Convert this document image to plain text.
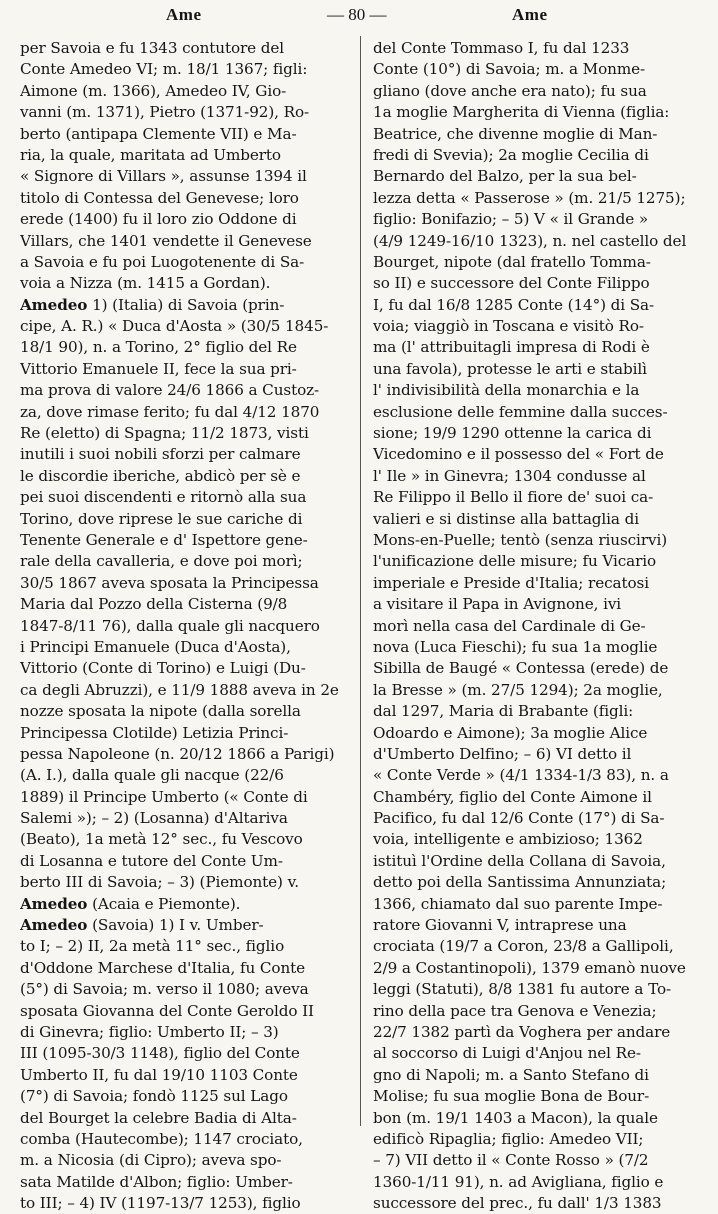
Ame	— 80 —	Ame
per Savoia e fu 1343 contutore del
Conte Amedeo VI; m. 18/1 1367; figli:
Aimone (m. 1366), Amedeo IV, Gio-
vanni (m. 1371), Pietro (1371-92), Ro-
berto (antipapa Clemente VII) e Ma-
ria, la quale, maritata ad Umberto
« Signore di Villars », assunse 1394 il
titolo di Contessa del Genevese; loro
erede (1400) fu il loro zio Oddone di
Villars, che 1401 vendette il Genevese
a Savoia e fu poi Luogotenente di Sa-
voia a Nizza (m. 1415 a Gordan).
Amedeo 1) (Italia) di Savoia (prin-
cipe, A. R.) « Duca d'Aosta » (30/5 1845-
18/1 90), n. a Torino, 2° figlio del Re
Vittorio Emanuele II, fece la sua pri-
ma prova di valore 24/6 1866 a Custoz-
za, dove rimase ferito; fu dal 4/12 1870
Re (eletto) di Spagna; 11/2 1873, visti
inutili i suoi nobili sforzi per calmare
le discordie iberiche, abdicò per sè e
pei suoi discendenti e ritornò alla sua
Torino, dove riprese le sue cariche di
Tenente Generale e d' Ispettore gene-
rale della cavalleria, e dove poi morì;
30/5 1867 aveva sposata la Principessa
Maria dal Pozzo della Cisterna (9/8
1847-8/11 76), dalla quale gli nacquero
i Principi Emanuele (Duca d'Aosta),
Vittorio (Conte di Torino) e Luigi (Du-
ca degli Abruzzi), e 11/9 1888 aveva in 2e
nozze sposata la nipote (dalla sorella
Principessa Clotilde) Letizia Princi-
pessa Napoleone (n. 20/12 1866 a Parigi)
(A. I.), dalla quale gli nacque (22/6
1889) il Principe Umberto (« Conte di
Salemi »); – 2) (Losanna) d'Altariva
(Beato), 1a metà 12° sec., fu Vescovo
di Losanna e tutore del Conte Um-
berto III di Savoia; – 3) (Piemonte) v.
Amedeo (Acaia e Piemonte).
Amedeo (Savoia) 1) I v. Umber-
to I; – 2) II, 2a metà 11° sec., figlio
d'Oddone Marchese d'Italia, fu Conte
(5°) di Savoia; m. verso il 1080; aveva
sposata Giovanna del Conte Geroldo II
di Ginevra; figlio: Umberto II; – 3)
III (1095-30/3 1148), figlio del Conte
Umberto II, fu dal 19/10 1103 Conte
(7°) di Savoia; fondò 1125 sul Lago
del Bourget la celebre Badia di Alta-
comba (Hautecombe); 1147 crociato,
m. a Nicosia (di Cipro); aveva spo-
sata Matilde d'Albon; figlio: Umber-
to III; – 4) IV (1197-13/7 1253), figlio
del Conte Tommaso I, fu dal 1233
Conte (10°) di Savoia; m. a Monme-
gliano (dove anche era nato); fu sua
1a moglie Margherita di Vienna (figlia:
Beatrice, che divenne moglie di Man-
fredi di Svevia); 2a moglie Cecilia di
Bernardo del Balzo, per la sua bel-
lezza detta « Passerose » (m. 21/5 1275);
figlio: Bonifazio; – 5) V « il Grande »
(4/9 1249-16/10 1323), n. nel castello del
Bourget, nipote (dal fratello Tomma-
so II) e successore del Conte Filippo
I, fu dal 16/8 1285 Conte (14°) di Sa-
voia; viaggiò in Toscana e visitò Ro-
ma (l' attribuitagli impresa di Rodi è
una favola), protesse le arti e stabilì
l' indivisibilità della monarchia e la
esclusione delle femmine dalla succes-
sione; 19/9 1290 ottenne la carica di
Vicedomino e il possesso del « Fort de
l' Ile » in Ginevra; 1304 condusse al
Re Filippo il Bello il fiore de' suoi ca-
valieri e si distinse alla battaglia di
Mons-en-Puelle; tentò (senza riuscirvi)
l'unificazione delle misure; fu Vicario
imperiale e Preside d'Italia; recatosi
a visitare il Papa in Avignone, ivi
morì nella casa del Cardinale di Ge-
nova (Luca Fieschi); fu sua 1a moglie
Sibilla de Baugé « Contessa (erede) de
la Bresse » (m. 27/5 1294); 2a moglie,
dal 1297, Maria di Brabante (figli:
Odoardo e Aimone); 3a moglie Alice
d'Umberto Delfino; – 6) VI detto il
« Conte Verde » (4/1 1334-1/3 83), n. a
Chambéry, figlio del Conte Aimone il
Pacifico, fu dal 12/6 Conte (17°) di Sa-
voia, intelligente e ambizioso; 1362
istituì l'Ordine della Collana di Savoia,
detto poi della Santissima Annunziata;
1366, chiamato dal suo parente Impe-
ratore Giovanni V, intraprese una
crociata (19/7 a Coron, 23/8 a Gallipoli,
2/9 a Costantinopoli), 1379 emanò nuove
leggi (Statuti), 8/8 1381 fu autore a To-
rino della pace tra Genova e Venezia;
22/7 1382 partì da Voghera per andare
al soccorso di Luigi d'Anjou nel Re-
gno di Napoli; m. a Santo Stefano di
Molise; fu sua moglie Bona de Bour-
bon (m. 19/1 1403 a Macon), la quale
edificò Ripaglia; figlio: Amedeo VII;
– 7) VII detto il « Conte Rosso » (7/2
1360-1/11 91), n. ad Avigliana, figlio e
successore del prec., fu dall' 1/3 1383
